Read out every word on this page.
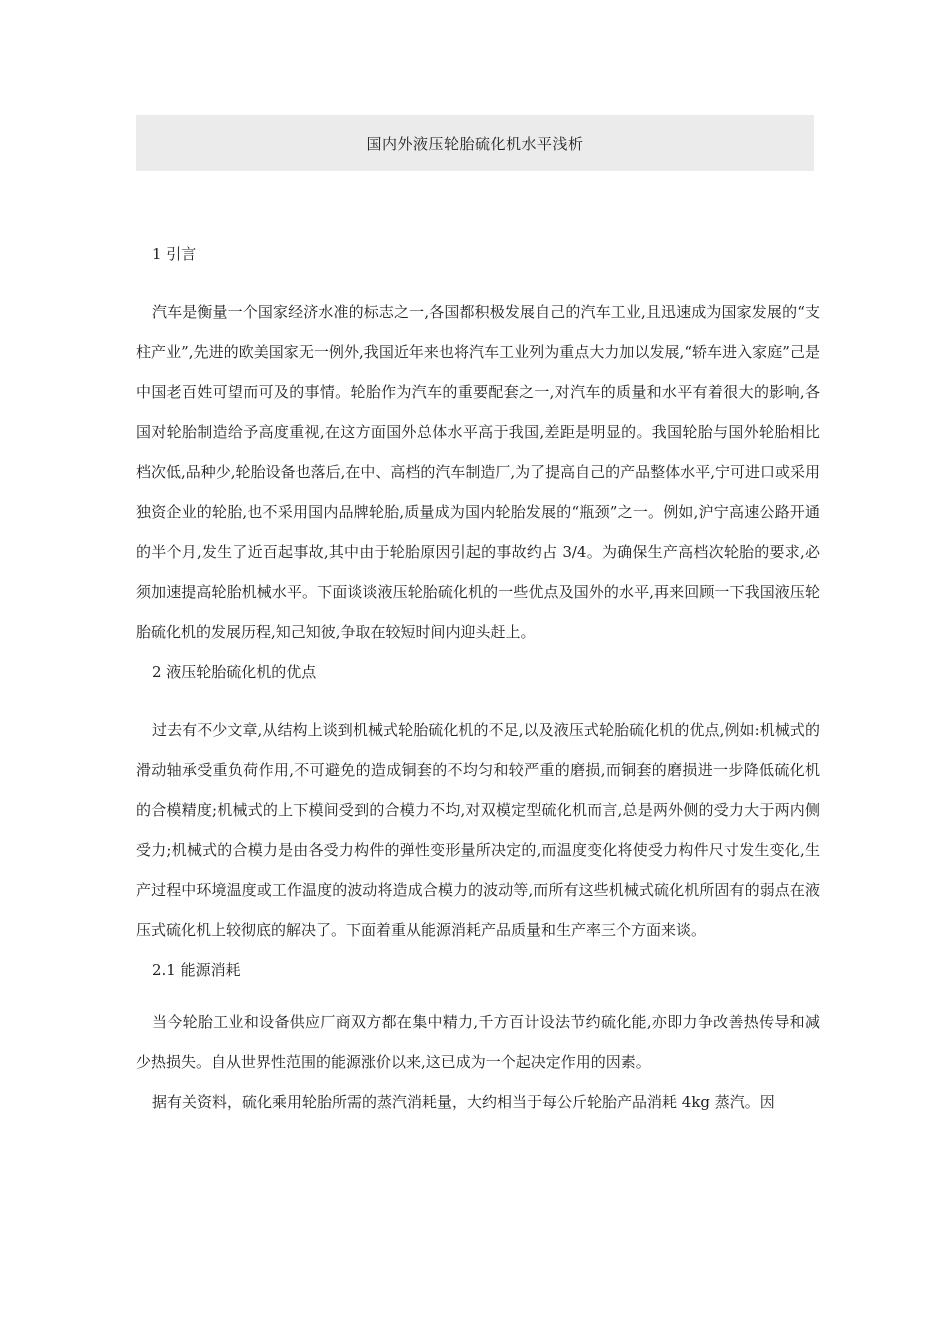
国内外液压轮胎硫化机水平浅析

1 引言

汽车是衡量一个国家经济水准的标志之一,各国都积极发展自己的汽车工业,且迅速成为国家发展的“支柱产业”,先进的欧美国家无一例外,我国近年来也将汽车工业列为重点大力加以发展,“轿车进入家庭”己是中国老百姓可望而可及的事情。轮胎作为汽车的重要配套之一,对汽车的质量和水平有着很大的影响,各国对轮胎制造给予高度重视,在这方面国外总体水平高于我国,差距是明显的。我国轮胎与国外轮胎相比档次低,品种少,轮胎设备也落后,在中、高档的汽车制造厂,为了提高自己的产品整体水平,宁可进口或采用独资企业的轮胎,也不采用国内品牌轮胎,质量成为国内轮胎发展的“瓶颈”之一。例如,沪宁高速公路开通的半个月,发生了近百起事故,其中由于轮胎原因引起的事故约占 3/4。为确保生产高档次轮胎的要求,必须加速提高轮胎机械水平。下面谈谈液压轮胎硫化机的一些优点及国外的水平,再来回顾一下我国液压轮胎硫化机的发展历程,知己知彼,争取在较短时间内迎头赶上。

2 液压轮胎硫化机的优点

过去有不少文章,从结构上谈到机械式轮胎硫化机的不足,以及液压式轮胎硫化机的优点,例如:机械式的滑动轴承受重负荷作用,不可避免的造成铜套的不均匀和较严重的磨损,而铜套的磨损进一步降低硫化机的合模精度;机械式的上下模间受到的合模力不均,对双模定型硫化机而言,总是两外侧的受力大于两内侧受力;机械式的合模力是由各受力构件的弹性变形量所决定的,而温度变化将使受力构件尺寸发生变化,生产过程中环境温度或工作温度的波动将造成合模力的波动等,而所有这些机械式硫化机所固有的弱点在液压式硫化机上较彻底的解决了。下面着重从能源消耗产品质量和生产率三个方面来谈。

2.1 能源消耗

当今轮胎工业和设备供应厂商双方都在集中精力,千方百计设法节约硫化能,亦即力争改善热传导和减少热损失。自从世界性范围的能源涨价以来,这已成为一个起决定作用的因素。

据有关资料，硫化乘用轮胎所需的蒸汽消耗量，大约相当于每公斤轮胎产品消耗 4kg 蒸汽。因
